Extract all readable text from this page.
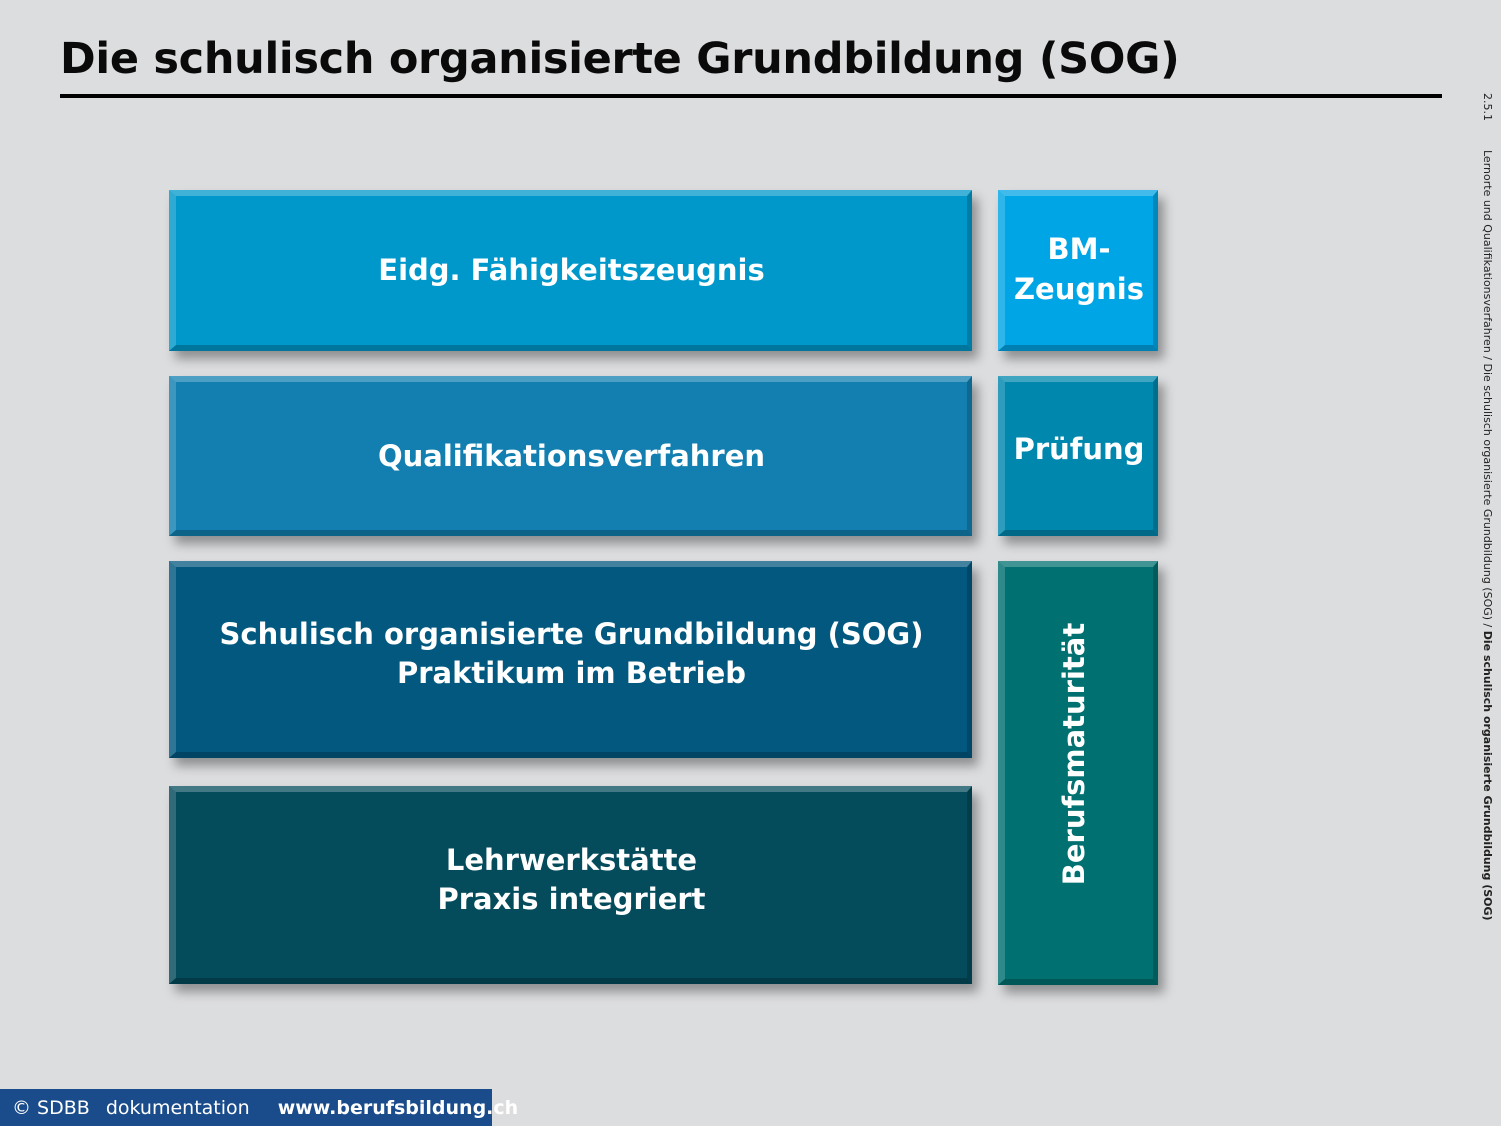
Die schulisch organisierte Grundbildung (SOG)
2.5.1
Lernorte und Qualifikationsverfahren / Die schulisch organisierte Grundbildung (SOG) / Die schulisch organisierte Grundbildung (SOG)
Eidg. Fähigkeitszeugnis
Qualifikationsverfahren
Schulisch organisierte Grundbildung (SOG)
Praktikum im Betrieb
Lehrwerkstätte
Praxis integriert
BM-
Zeugnis
Prüfung
Berufsmaturität
© SDBB dokumentation	www.berufsbildung.ch
